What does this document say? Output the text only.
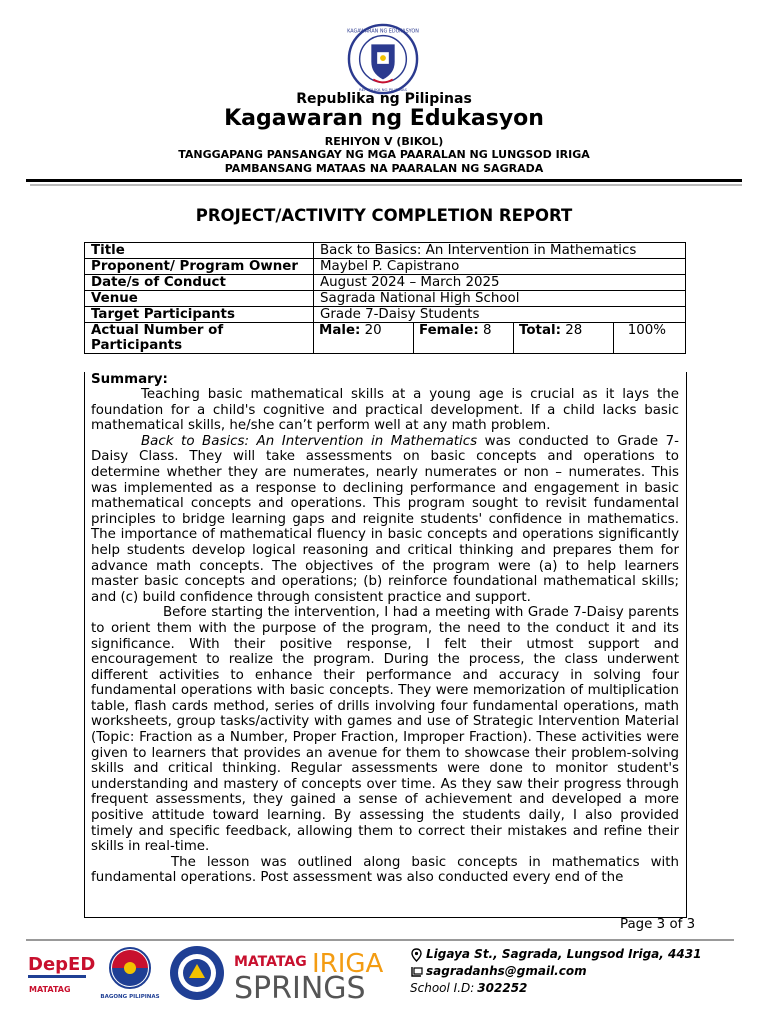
KAGAWARAN NG EDUKASYON
REPUBLIKA NG PILIPINAS
Republika ng Pilipinas
Kagawaran ng Edukasyon
REHIYON V (BIKOL)
TANGGAPANG PANSANGAY NG MGA PAARALAN NG LUNGSOD IRIGA
PAMBANSANG MATAAS NA PAARALAN NG SAGRADA
PROJECT/ACTIVITY COMPLETION REPORT
Title	Back to Basics: An Intervention in Mathematics			
Proponent/ Program Owner	Maybel P. Capistrano			
Date/s of Conduct	August 2024 – March 2025			
Venue	Sagrada National High School			
Target Participants	Grade 7-Daisy Students			
Actual Number of Participants	Male: 20	Female: 8	Total: 28	100%
Summary:

Teaching basic mathematical skills at a young age is crucial as it lays the foundation for a child's cognitive and practical development. If a child lacks basic mathematical skills, he/she can’t perform well at any math problem.

Back to Basics: An Intervention in Mathematics was conducted to Grade 7-Daisy Class. They will take assessments on basic concepts and operations to determine whether they are numerates, nearly numerates or non – numerates. This was implemented as a response to declining performance and engagement in basic mathematical concepts and operations. This program sought to revisit fundamental principles to bridge learning gaps and reignite students' confidence in mathematics. The importance of mathematical fluency in basic concepts and operations significantly help students develop logical reasoning and critical thinking and prepares them for advance math concepts. The objectives of the program were (a) to help learners master basic concepts and operations; (b) reinforce foundational mathematical skills; and (c) build confidence through consistent practice and support.

Before starting the intervention, I had a meeting with Grade 7-Daisy parents to orient them with the purpose of the program, the need to the conduct it and its significance. With their positive response, I felt their utmost support and encouragement to realize the program. During the process, the class underwent different activities to enhance their performance and accuracy in solving four fundamental operations with basic concepts. They were memorization of multiplication table, flash cards method, series of drills involving four fundamental operations, math worksheets, group tasks/activity with games and use of Strategic Intervention Material (Topic: Fraction as a Number, Proper Fraction, Improper Fraction). These activities were given to learners that provides an avenue for them to showcase their problem-solving skills and critical thinking. Regular assessments were done to monitor student's understanding and mastery of concepts over time. As they saw their progress through frequent assessments, they gained a sense of achievement and developed a more positive attitude toward learning. By assessing the students daily, I also provided timely and specific feedback, allowing them to correct their mistakes and refine their skills in real-time.

The lesson was outlined along basic concepts in mathematics with fundamental operations. Post assessment was also conducted every end of the

Page 3 of 3
DepED
MATATAG
BAGONG PILIPINAS
MATATAG IRIGA
SPRINGS
Ligaya St., Sagrada, Lungsod Iriga, 4431
sagradanhs@gmail.com
School I.D: 302252
